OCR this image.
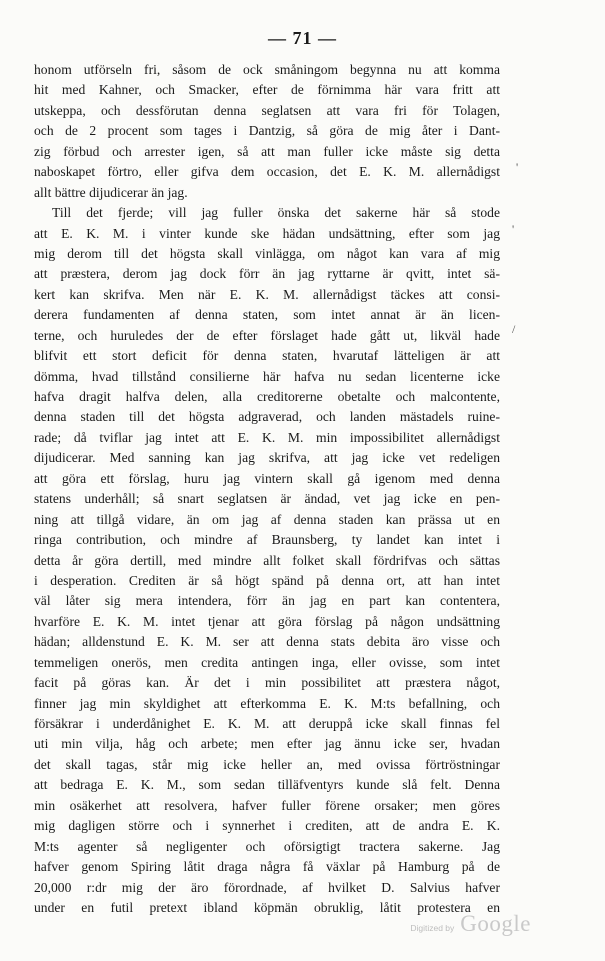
— 71 —
honom utförseln fri, såsom de ock småningom begynna nu att komma
hit med Kahner, och Smacker, efter de förnimma här vara fritt att
utskeppa, och dessförutan denna seglatsen att vara fri för Tolagen,
och de 2 procent som tages i Dantzig, så göra de mig åter i Dant-
zig förbud och arrester igen, så att man fuller icke måste sig detta
naboskapet förtro, eller gifva dem occasion, det E. K. M. allernådigst
allt bättre dijudicerar än jag.
Till det fjerde; vill jag fuller önska det sakerne här så stode
att E. K. M. i vinter kunde ske hädan undsättning, efter som jag
mig derom till det högsta skall vinlägga, om något kan vara af mig
att præstera, derom jag dock förr än jag ryttarne är qvitt, intet sä-
kert kan skrifva. Men när E. K. M. allernådigst täckes att consi-
derera fundamenten af denna staten, som intet annat är än licen-
terne, och huruledes der de efter förslaget hade gått ut, likväl hade
blifvit ett stort deficit för denna staten, hvarutaf lätteligen är att
dömma, hvad tillstånd consilierne här hafva nu sedan licenterne icke
hafva dragit halfva delen, alla creditorerne obetalte och malcontente,
denna staden till det högsta adgraverad, och landen mästadels ruine-
rade; då tviflar jag intet att E. K. M. min impossibilitet allernådigst
dijudicerar. Med sanning kan jag skrifva, att jag icke vet redeligen
att göra ett förslag, huru jag vintern skall gå igenom med denna
statens underhåll; så snart seglatsen är ändad, vet jag icke en pen-
ning att tillgå vidare, än om jag af denna staden kan prässa ut en
ringa contribution, och mindre af Braunsberg, ty landet kan intet i
detta år göra dertill, med mindre allt folket skall fördrifvas och sättas
i desperation. Crediten är så högt spänd på denna ort, att han intet
väl låter sig mera intendera, förr än jag en part kan contentera,
hvarföre E. K. M. intet tjenar att göra förslag på någon undsättning
hädan; alldenstund E. K. M. ser att denna stats debita äro visse och
temmeligen onerös, men credita antingen inga, eller ovisse, som intet
facit på göras kan. Är det i min possibilitet att præstera något,
finner jag min skyldighet att efterkomma E. K. M:ts befallning, och
försäkrar i underdånighet E. K. M. att deruppå icke skall finnas fel
uti min vilja, håg och arbete; men efter jag ännu icke ser, hvadan
det skall tagas, står mig icke heller an, med ovissa förtröstningar
att bedraga E. K. M., som sedan tilläfventyrs kunde slå felt. Denna
min osäkerhet att resolvera, hafver fuller förene orsaker; men göres
mig dagligen större och i synnerhet i crediten, att de andra E. K.
M:ts agenter så negligenter och oförsigtigt tractera sakerne. Jag
hafver genom Spiring låtit draga några få växlar på Hamburg på de
20,000 r:dr mig der äro förordnade, af hvilket D. Salvius hafver
under en futil pretext ibland köpmän obruklig, låtit protestera en
'
'
/
Digitized by Google
